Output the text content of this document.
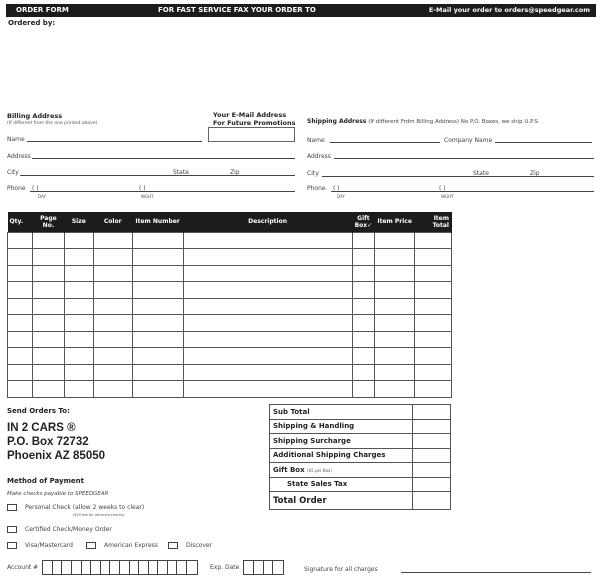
ORDER FORM	FOR FAST SERVICE FAX YOUR ORDER TO	E-Mail your order to orders@speedgear.com
Ordered by:
Billing Address
(If different from the one printed above)
Name
Address
City	State	Zip
Phone ( )	( )
DAY	NIGHT
Your E-Mail Address
For Future Promotions Shipping Address (If different Frdm Billing Address) No P.O. Boxes, we ship U.P.S.
Name	Company Name
Address
City	State	Zip
Phone ( )	( )
DAY	NIGHT
Qty.	Page No.	Size	Color	Item Number	Description	Gift Box✓	Item Price	Item Total

Send Orders To:
IN 2 CARS ®
P.O. Box 72732
Phoenix AZ 85050
Method of Payment
Make checks payable to SPEEDGEAR
Personal Check (allow 2 weeks to clear)
($20 fee for returned checks)
Certified Check/Money Order
Visa/Mastercard	American Express	Discover
Account #	Exp. Date	Signature for all charges
Sub Total	
Shipping & Handling	
Shipping Surcharge	
Additional Shipping Charges	
Gift Box ($5 per Box)	
State Sales Tax	
Total Order	
